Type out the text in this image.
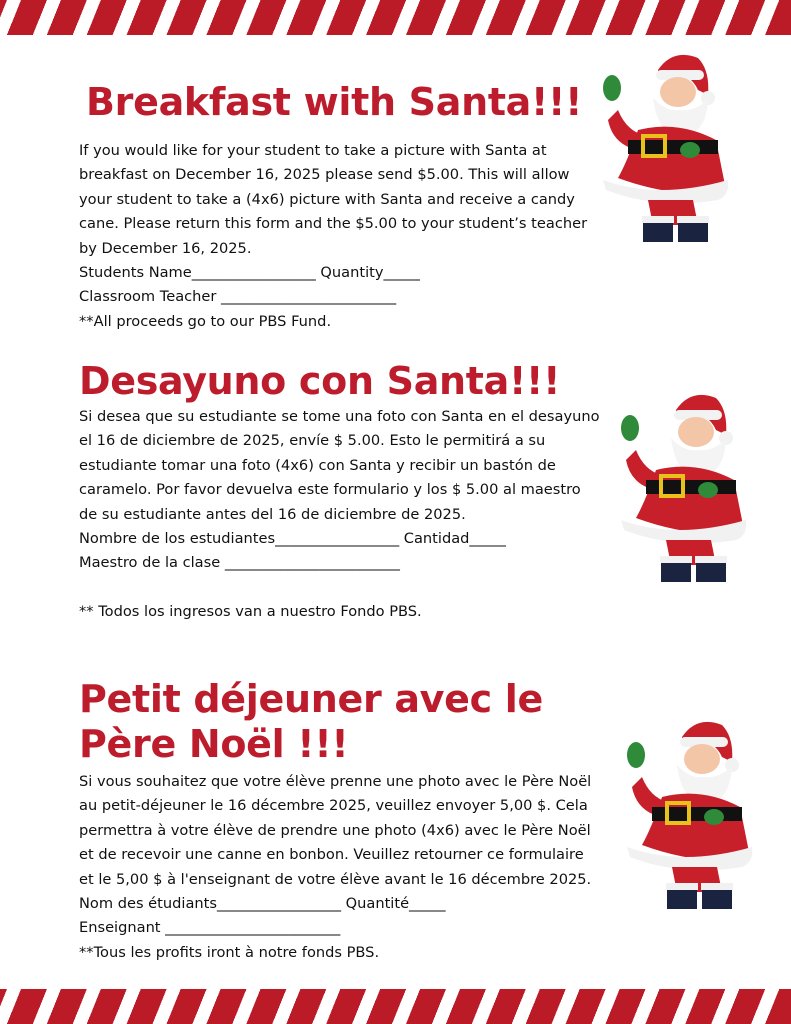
Breakfast with Santa!!!
If you would like for your student to take a picture with Santa at
breakfast on December 16, 2025 please send $5.00. This will allow
your student to take a (4x6) picture with Santa and receive a candy
cane. Please return this form and the $5.00 to your student’s teacher
by December 16, 2025.
Students Name_________________ Quantity_____
Classroom Teacher ________________________
**All proceeds go to our PBS Fund.
Desayuno con Santa!!!
Si desea que su estudiante se tome una foto con Santa en el desayuno
el 16 de diciembre de 2025, envíe $ 5.00. Esto le permitirá a su
estudiante tomar una foto (4x6) con Santa y recibir un bastón de
caramelo. Por favor devuelva este formulario y los $ 5.00 al maestro
de su estudiante antes del 16 de diciembre de 2025.
Nombre de los estudiantes_________________ Cantidad_____
Maestro de la clase ________________________
** Todos los ingresos van a nuestro Fondo PBS.
Petit déjeuner avec le
Père Noël !!!
Si vous souhaitez que votre élève prenne une photo avec le Père Noël
au petit-déjeuner le 16 décembre 2025, veuillez envoyer 5,00 $. Cela
permettra à votre élève de prendre une photo (4x6) avec le Père Noël
et de recevoir une canne en bonbon. Veuillez retourner ce formulaire
et le 5,00 $ à l'enseignant de votre élève avant le 16 décembre 2025.
Nom des étudiants_________________ Quantité_____
Enseignant ________________________
**Tous les profits iront à notre fonds PBS.
